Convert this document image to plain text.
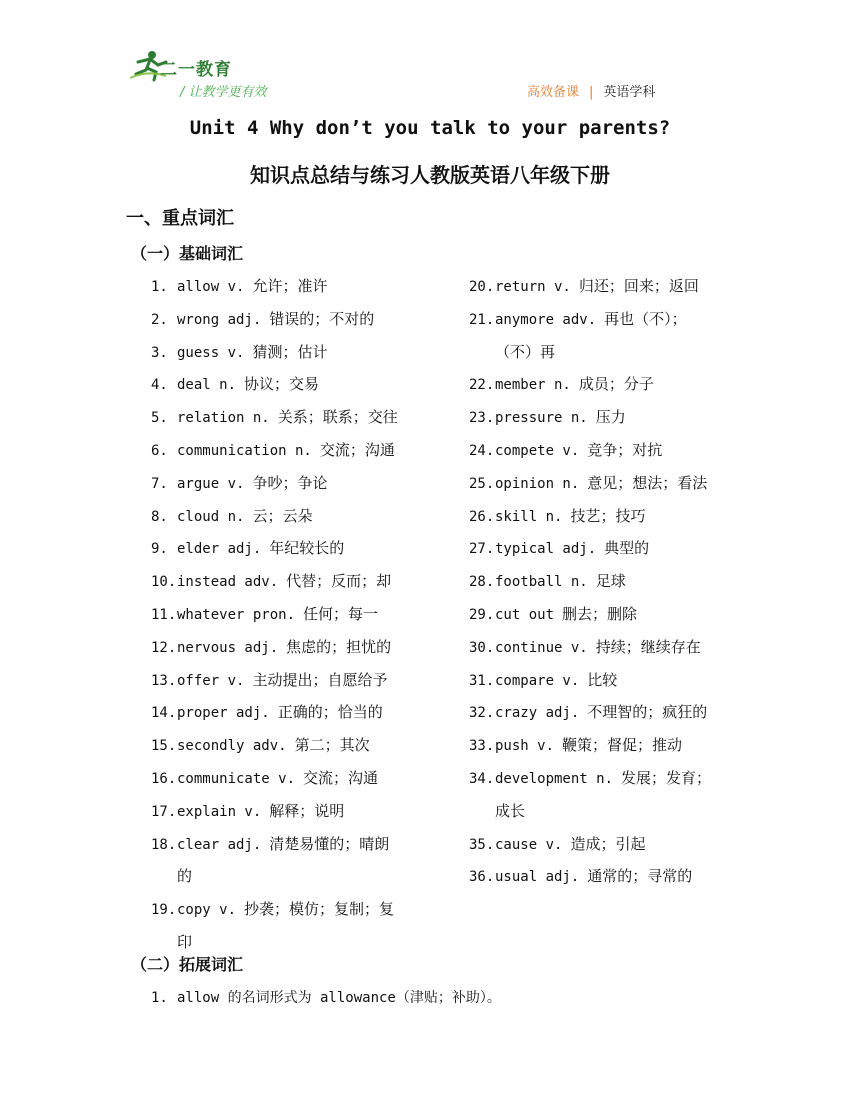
二一教育
/ 让教学更有效	高效备课 | 英语学科
Unit 4 Why don’t you talk to your parents?
知识点总结与练习人教版英语八年级下册
一、重点词汇
（一）基础词汇
1. allow v. 允许；准许
2. wrong adj. 错误的；不对的
3. guess v. 猜测；估计
4. deal n. 协议；交易
5. relation n. 关系；联系；交往
6. communication n. 交流；沟通
7. argue v. 争吵；争论
8. cloud n. 云；云朵
9. elder adj. 年纪较长的
10.instead adv. 代替；反而；却
11.whatever pron. 任何；每一
12.nervous adj. 焦虑的；担忧的
13.offer v. 主动提出；自愿给予
14.proper adj. 正确的；恰当的
15.secondly adv. 第二；其次
16.communicate v. 交流；沟通
17.explain v. 解释；说明
18.clear adj. 清楚易懂的；晴朗
的
19.copy v. 抄袭；模仿；复制；复
印
20.return v. 归还；回来；返回
21.anymore adv. 再也（不）；
（不）再
22.member n. 成员；分子
23.pressure n. 压力
24.compete v. 竞争；对抗
25.opinion n. 意见；想法；看法
26.skill n. 技艺；技巧
27.typical adj. 典型的
28.football n. 足球
29.cut out 删去；删除
30.continue v. 持续；继续存在
31.compare v. 比较
32.crazy adj. 不理智的；疯狂的
33.push v. 鞭策；督促；推动
34.development n. 发展；发育；
成长
35.cause v. 造成；引起
36.usual adj. 通常的；寻常的
（二）拓展词汇
1. allow 的名词形式为 allowance（津贴；补助）。
